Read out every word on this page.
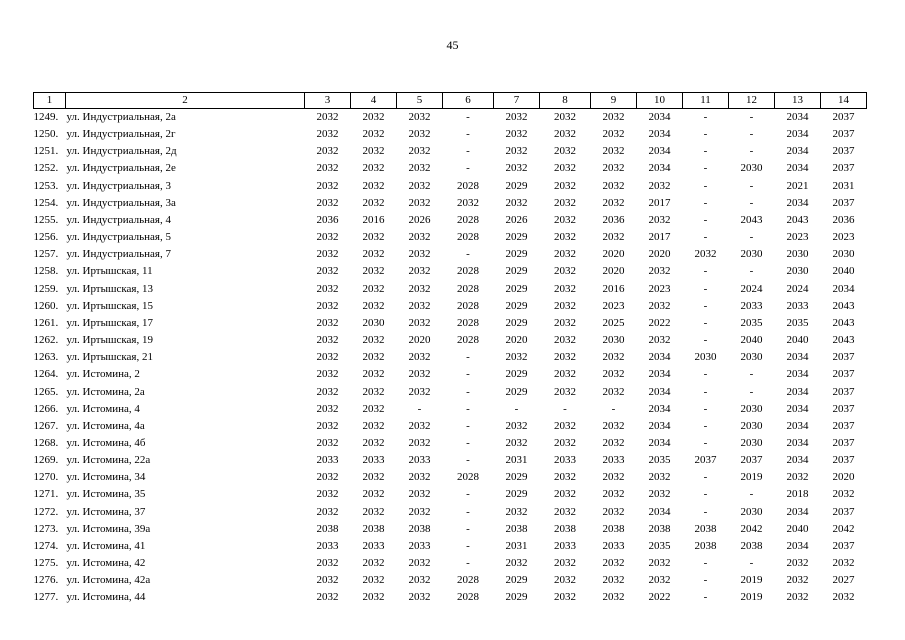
45
1	2	3	4	5	6	7	8	9	10	11	12	13	14
1249.	ул. Индустриальная, 2а	2032	2032	2032	-	2032	2032	2032	2034	-	-	2034	2037
1250.	ул. Индустриальная, 2г	2032	2032	2032	-	2032	2032	2032	2034	-	-	2034	2037
1251.	ул. Индустриальная, 2д	2032	2032	2032	-	2032	2032	2032	2034	-	-	2034	2037
1252.	ул. Индустриальная, 2е	2032	2032	2032	-	2032	2032	2032	2034	-	2030	2034	2037
1253.	ул. Индустриальная, 3	2032	2032	2032	2028	2029	2032	2032	2032	-	-	2021	2031
1254.	ул. Индустриальная, 3а	2032	2032	2032	2032	2032	2032	2032	2017	-	-	2034	2037
1255.	ул. Индустриальная, 4	2036	2016	2026	2028	2026	2032	2036	2032	-	2043	2043	2036
1256.	ул. Индустриальная, 5	2032	2032	2032	2028	2029	2032	2032	2017	-	-	2023	2023
1257.	ул. Индустриальная, 7	2032	2032	2032	-	2029	2032	2020	2020	2032	2030	2030	2030
1258.	ул. Иртышская, 11	2032	2032	2032	2028	2029	2032	2020	2032	-	-	2030	2040
1259.	ул. Иртышская, 13	2032	2032	2032	2028	2029	2032	2016	2023	-	2024	2024	2034
1260.	ул. Иртышская, 15	2032	2032	2032	2028	2029	2032	2023	2032	-	2033	2033	2043
1261.	ул. Иртышская, 17	2032	2030	2032	2028	2029	2032	2025	2022	-	2035	2035	2043
1262.	ул. Иртышская, 19	2032	2032	2020	2028	2020	2032	2030	2032	-	2040	2040	2043
1263.	ул. Иртышская, 21	2032	2032	2032	-	2032	2032	2032	2034	2030	2030	2034	2037
1264.	ул. Истомина, 2	2032	2032	2032	-	2029	2032	2032	2034	-	-	2034	2037
1265.	ул. Истомина, 2а	2032	2032	2032	-	2029	2032	2032	2034	-	-	2034	2037
1266.	ул. Истомина, 4	2032	2032	-	-	-	-	-	2034	-	2030	2034	2037
1267.	ул. Истомина, 4а	2032	2032	2032	-	2032	2032	2032	2034	-	2030	2034	2037
1268.	ул. Истомина, 4б	2032	2032	2032	-	2032	2032	2032	2034	-	2030	2034	2037
1269.	ул. Истомина, 22а	2033	2033	2033	-	2031	2033	2033	2035	2037	2037	2034	2037
1270.	ул. Истомина, 34	2032	2032	2032	2028	2029	2032	2032	2032	-	2019	2032	2020
1271.	ул. Истомина, 35	2032	2032	2032	-	2029	2032	2032	2032	-	-	2018	2032
1272.	ул. Истомина, 37	2032	2032	2032	-	2032	2032	2032	2034	-	2030	2034	2037
1273.	ул. Истомина, 39а	2038	2038	2038	-	2038	2038	2038	2038	2038	2042	2040	2042
1274.	ул. Истомина, 41	2033	2033	2033	-	2031	2033	2033	2035	2038	2038	2034	2037
1275.	ул. Истомина, 42	2032	2032	2032	-	2032	2032	2032	2032	-	-	2032	2032
1276.	ул. Истомина, 42а	2032	2032	2032	2028	2029	2032	2032	2032	-	2019	2032	2027
1277.	ул. Истомина, 44	2032	2032	2032	2028	2029	2032	2032	2022	-	2019	2032	2032
